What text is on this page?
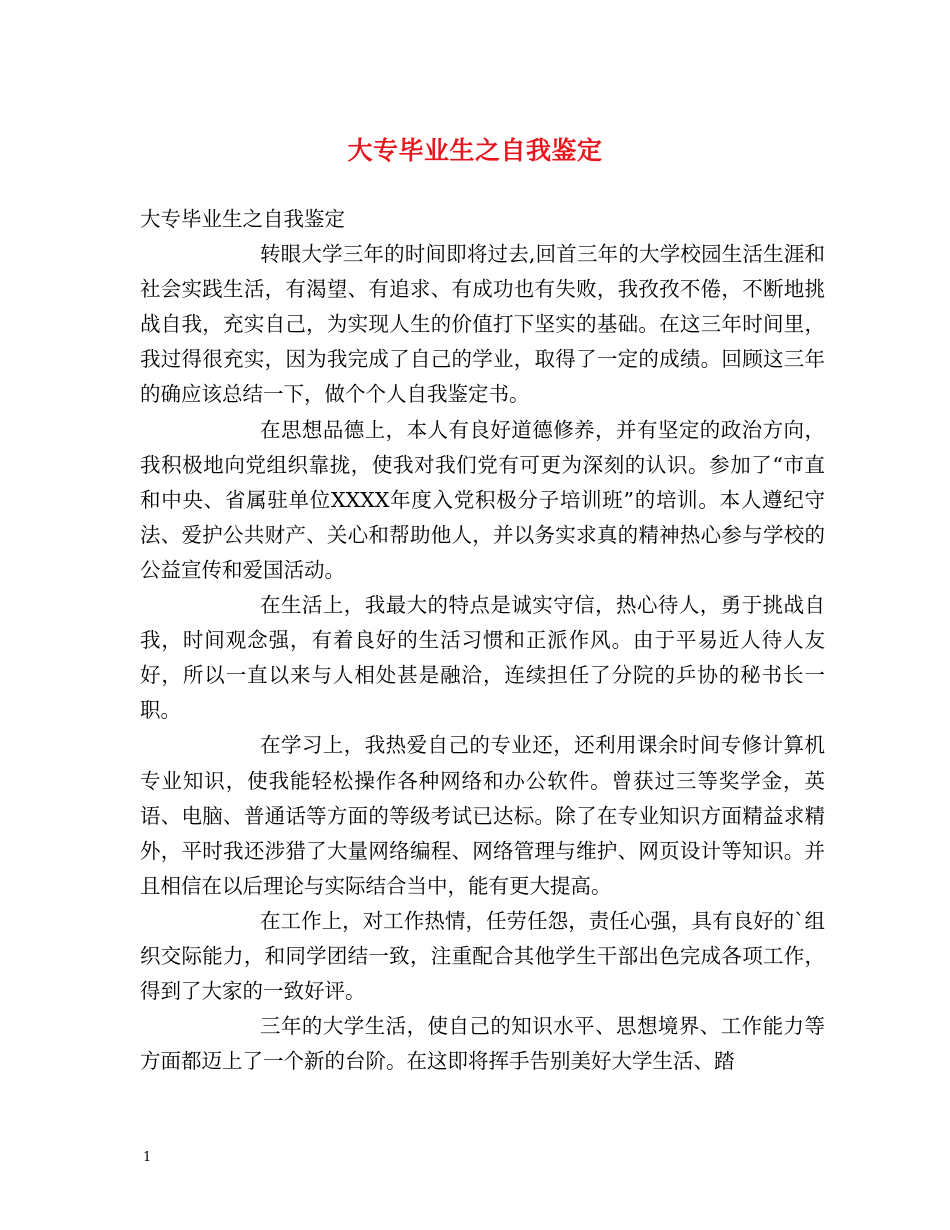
大专毕业生之自我鉴定

大专毕业生之自我鉴定

转眼大学三年的时间即将过去,回首三年的大学校园生活生涯和社会实践生活，有渴望、有追求、有成功也有失败，我孜孜不倦，不断地挑战自我，充实自己，为实现人生的价值打下坚实的基础。在这三年时间里，我过得很充实，因为我完成了自己的学业，取得了一定的成绩。回顾这三年的确应该总结一下，做个个人自我鉴定书。

在思想品德上，本人有良好道德修养，并有坚定的政治方向，我积极地向党组织靠拢，使我对我们党有可更为深刻的认识。参加了“市直和中央、省属驻单位XXXX年度入党积极分子培训班”的培训。本人遵纪守法、爱护公共财产、关心和帮助他人，并以务实求真的精神热心参与学校的公益宣传和爱国活动。

在生活上，我最大的特点是诚实守信，热心待人，勇于挑战自我，时间观念强，有着良好的生活习惯和正派作风。由于平易近人待人友好，所以一直以来与人相处甚是融洽，连续担任了分院的乒协的秘书长一职。

在学习上，我热爱自己的专业还，还利用课余时间专修计算机专业知识，使我能轻松操作各种网络和办公软件。曾获过三等奖学金，英语、电脑、普通话等方面的等级考试已达标。除了在专业知识方面精益求精外，平时我还涉猎了大量网络编程、网络管理与维护、网页设计等知识。并且相信在以后理论与实际结合当中，能有更大提高。

在工作上，对工作热情，任劳任怨，责任心强，具有良好的`组织交际能力，和同学团结一致，注重配合其他学生干部出色完成各项工作，得到了大家的一致好评。

三年的大学生活，使自己的知识水平、思想境界、工作能力等方面都迈上了一个新的台阶。在这即将挥手告别美好大学生活、踏

1
